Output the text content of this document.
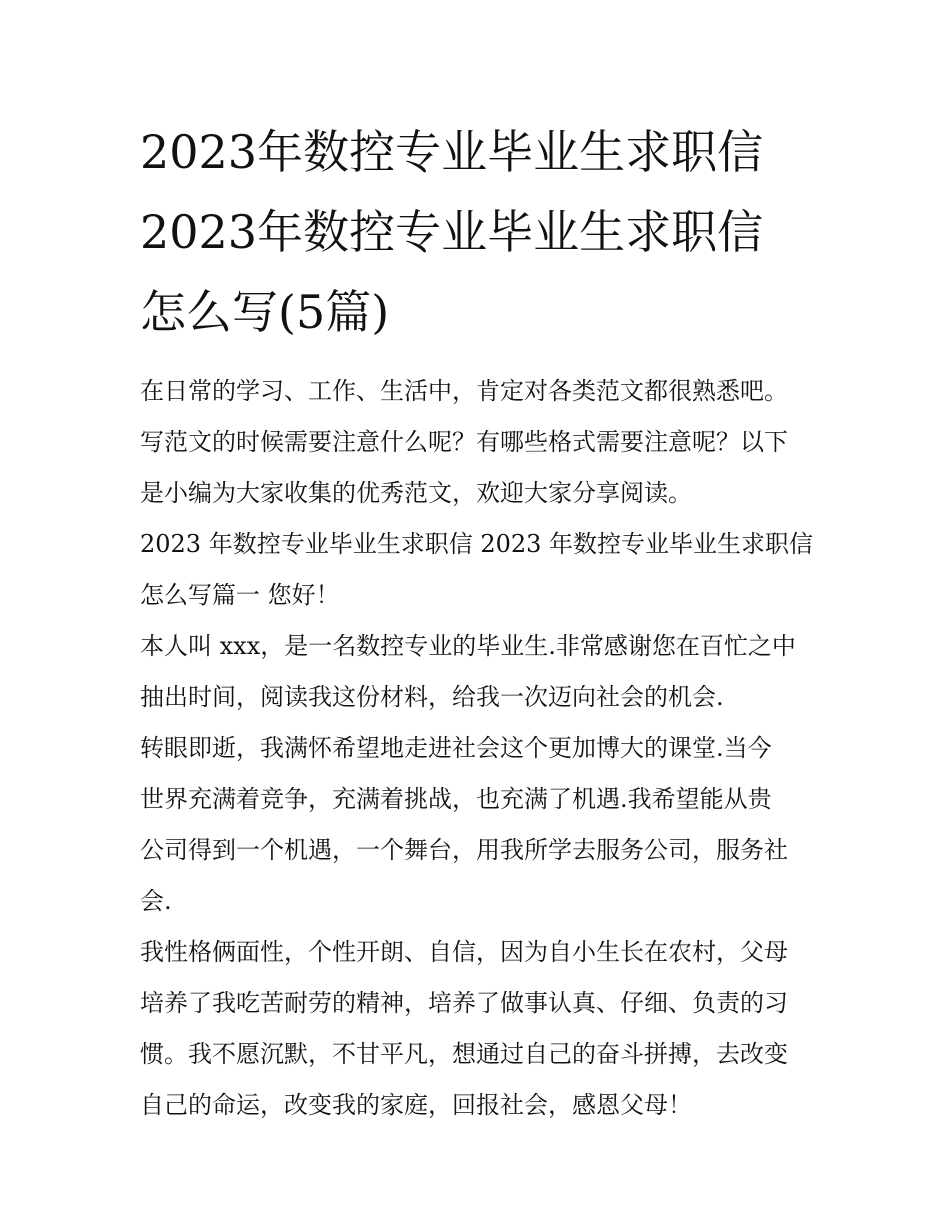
2023年数控专业毕业生求职信
2023年数控专业毕业生求职信
怎么写(5篇)
在日常的学习、工作、生活中，肯定对各类范文都很熟悉吧。
写范文的时候需要注意什么呢？有哪些格式需要注意呢？以下
是小编为大家收集的优秀范文，欢迎大家分享阅读。
2023 年数控专业毕业生求职信 2023 年数控专业毕业生求职信
怎么写篇一 您好！
本人叫 xxx，是一名数控专业的毕业生.非常感谢您在百忙之中
抽出时间，阅读我这份材料，给我一次迈向社会的机会.
转眼即逝，我满怀希望地走进社会这个更加博大的课堂.当今
世界充满着竞争，充满着挑战，也充满了机遇.我希望能从贵
公司得到一个机遇，一个舞台，用我所学去服务公司，服务社
会.
我性格俩面性，个性开朗、自信，因为自小生长在农村，父母
培养了我吃苦耐劳的精神，培养了做事认真、仔细、负责的习
惯。我不愿沉默，不甘平凡，想通过自己的奋斗拼搏，去改变
自己的命运，改变我的家庭，回报社会，感恩父母！
